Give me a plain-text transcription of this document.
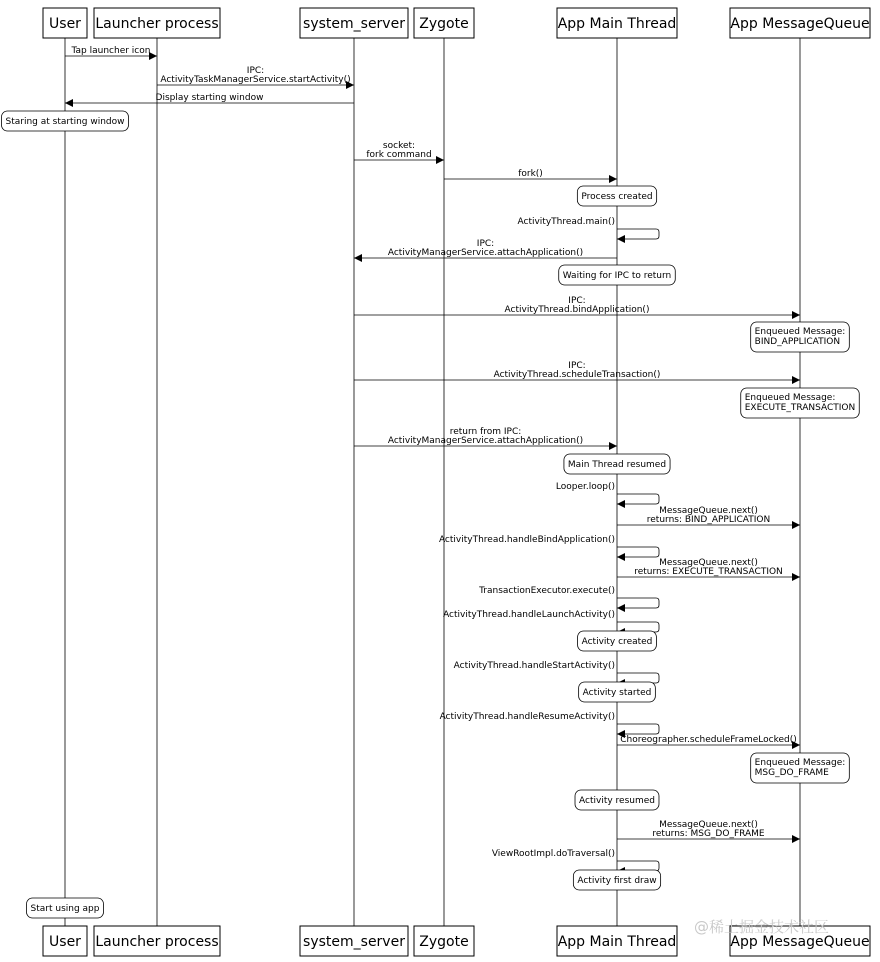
Tap launcher icon
IPC:
ActivityTaskManagerService.startActivity()
Display starting window
Staring at starting window
socket:
fork command
fork()
Process created
ActivityThread.main()
IPC:
ActivityManagerService.attachApplication()
Waiting for IPC to return
IPC:
ActivityThread.bindApplication()
Enqueued Message:
BIND_APPLICATION
IPC:
ActivityThread.scheduleTransaction()
Enqueued Message:
EXECUTE_TRANSACTION
return from IPC:
ActivityManagerService.attachApplication()
Main Thread resumed
Looper.loop()
MessageQueue.next()
returns: BIND_APPLICATION
ActivityThread.handleBindApplication()
MessageQueue.next()
returns: EXECUTE_TRANSACTION
TransactionExecutor.execute()
ActivityThread.handleLaunchActivity()
Activity created
ActivityThread.handleStartActivity()
Activity started
ActivityThread.handleResumeActivity()
Choreographer.scheduleFrameLocked()
Enqueued Message:
MSG_DO_FRAME
Activity resumed
MessageQueue.next()
returns: MSG_DO_FRAME
ViewRootImpl.doTraversal()
Activity first draw
Start using app
User
User
Launcher process
Launcher process
system_server
system_server
Zygote
Zygote
App Main Thread
App Main Thread
App MessageQueue
App MessageQueue
@稀土掘金技术社区
